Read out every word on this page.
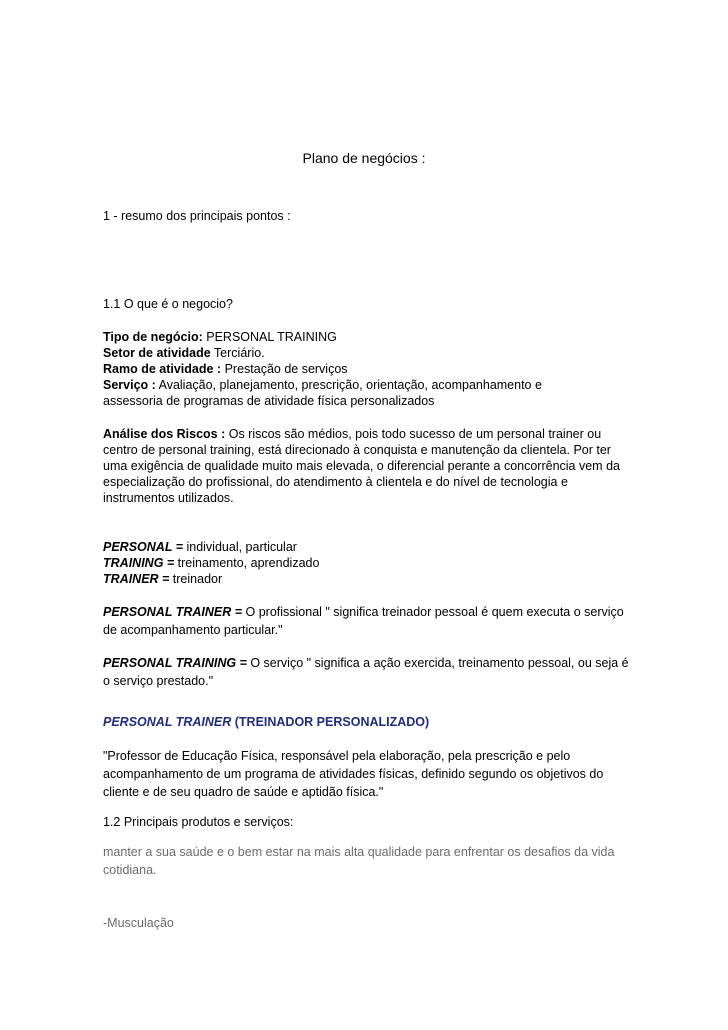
Plano de negócios :
1 - resumo dos principais pontos :
1.1 O que é o negocio?
Tipo de negócio: PERSONAL TRAINING
Setor de atividade Terciário.
Ramo de atividade : Prestação de serviços
Serviço : Avaliação, planejamento, prescrição, orientação, acompanhamento e
assessoria de programas de atividade física personalizados
Análise dos Riscos : Os riscos são médios, pois todo sucesso de um personal trainer ou
centro de personal training, está direcionado à conquista e manutenção da clientela. Por ter
uma exigência de qualidade muito mais elevada, o diferencial perante a concorrência vem da
especialização do profissional, do atendimento à clientela e do nível de tecnologia e
instrumentos utilizados.
PERSONAL = individual, particular
TRAINING = treinamento, aprendizado
TRAINER = treinador
PERSONAL TRAINER = O profissional " significa treinador pessoal é quem executa o serviço
de acompanhamento particular."
PERSONAL TRAINING = O serviço " significa a ação exercida, treinamento pessoal, ou seja é
o serviço prestado."
PERSONAL TRAINER (TREINADOR PERSONALIZADO)
"Professor de Educação Física, responsável pela elaboração, pela prescrição e pelo
acompanhamento de um programa de atividades físicas, definido segundo os objetivos do
cliente e de seu quadro de saúde e aptidão física."
1.2 Principais produtos e serviços:
manter a sua saúde e o bem estar na mais alta qualidade para enfrentar os desafios da vida
cotidiana.
-Musculação
